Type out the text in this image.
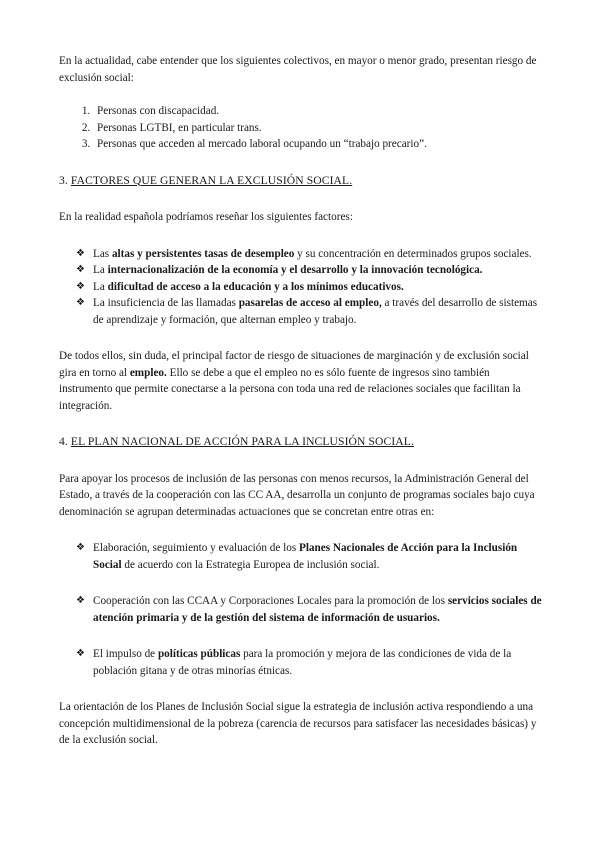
En la actualidad, cabe entender que los siguientes colectivos, en mayor o menor grado, presentan riesgo de exclusión social:

1. Personas con discapacidad.
2. Personas LGTBI, en particular trans.
3. Personas que acceden al mercado laboral ocupando un “trabajo precario”.
3. FACTORES QUE GENERAN LA EXCLUSIÓN SOCIAL.

En la realidad española podríamos reseñar los siguientes factores:

❖ Las altas y persistentes tasas de desempleo y su concentración en determinados grupos sociales.
❖ La internacionalización de la economía y el desarrollo y la innovación tecnológica.
❖ La dificultad de acceso a la educación y a los mínimos educativos.
❖ La insuficiencia de las llamadas pasarelas de acceso al empleo, a través del desarrollo de sistemas de aprendizaje y formación, que alternan empleo y trabajo.

De todos ellos, sin duda, el principal factor de riesgo de situaciones de marginación y de exclusión social gira en torno al empleo. Ello se debe a que el empleo no es sólo fuente de ingresos sino también instrumento que permite conectarse a la persona con toda una red de relaciones sociales que facilitan la integración.

4. EL PLAN NACIONAL DE ACCIÓN PARA LA INCLUSIÓN SOCIAL.

Para apoyar los procesos de inclusión de las personas con menos recursos, la Administración General del Estado, a través de la cooperación con las CC AA, desarrolla un conjunto de programas sociales bajo cuya denominación se agrupan determinadas actuaciones que se concretan entre otras en:

❖ Elaboración, seguimiento y evaluación de los Planes Nacionales de Acción para la Inclusión Social de acuerdo con la Estrategia Europea de inclusión social.
❖ Cooperación con las CCAA y Corporaciones Locales para la promoción de los servicios sociales de atención primaria y de la gestión del sistema de información de usuarios.
❖ El impulso de políticas públicas para la promoción y mejora de las condiciones de vida de la población gitana y de otras minorías étnicas.

La orientación de los Planes de Inclusión Social sigue la estrategia de inclusión activa respondiendo a una concepción multidimensional de la pobreza (carencia de recursos para satisfacer las necesidades básicas) y de la exclusión social.
